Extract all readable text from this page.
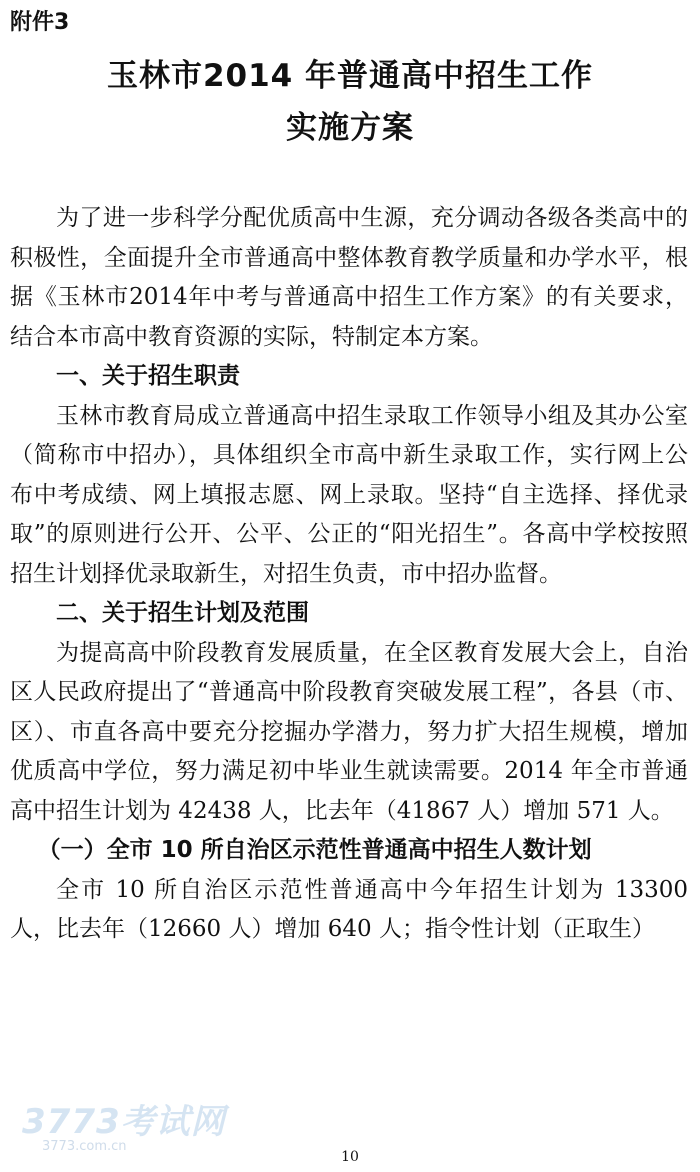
附件3
玉林市2014 年普通高中招生工作
实施方案

为了进一步科学分配优质高中生源，充分调动各级各类高中的积极性，全面提升全市普通高中整体教育教学质量和办学水平，根据《玉林市2014年中考与普通高中招生工作方案》的有关要求，结合本市高中教育资源的实际，特制定本方案。

一、关于招生职责

玉林市教育局成立普通高中招生录取工作领导小组及其办公室（简称市中招办），具体组织全市高中新生录取工作，实行网上公布中考成绩、网上填报志愿、网上录取。坚持“自主选择、择优录取”的原则进行公开、公平、公正的“阳光招生”。各高中学校按照招生计划择优录取新生，对招生负责，市中招办监督。

二、关于招生计划及范围

为提高高中阶段教育发展质量，在全区教育发展大会上，自治区人民政府提出了“普通高中阶段教育突破发展工程”，各县（市、区）、市直各高中要充分挖掘办学潜力，努力扩大招生规模，增加优质高中学位，努力满足初中毕业生就读需要。2014 年全市普通高中招生计划为 42438 人，比去年（41867 人）增加 571 人。

（一）全市 10 所自治区示范性普通高中招生人数计划

全市 10 所自治区示范性普通高中今年招生计划为 13300 人，比去年（12660 人）增加 640 人；指令性计划（正取生）

3773考试网
3773.com.cn
10
